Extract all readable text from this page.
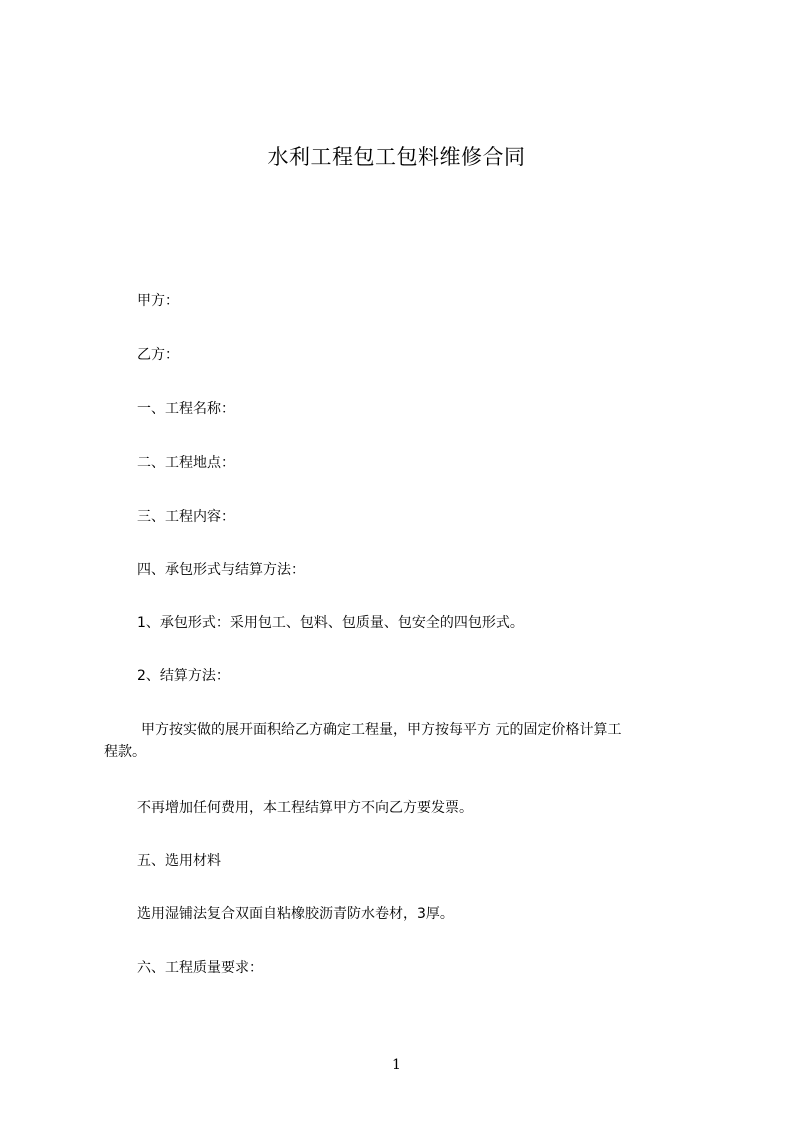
水利工程包工包料维修合同
甲方：
乙方：
一、工程名称：
二、工程地点：
三、工程内容：
四、承包形式与结算方法：
1、承包形式：采用包工、包料、包质量、包安全的四包形式。
2、结算方法：
甲方按实做的展开面积给乙方确定工程量，甲方按每平方 元的固定价格计算工
程款。
不再增加任何费用，本工程结算甲方不向乙方要发票。
五、选用材料
选用湿铺法复合双面自粘橡胶沥青防水卷材，3厚。
六、工程质量要求：
1
